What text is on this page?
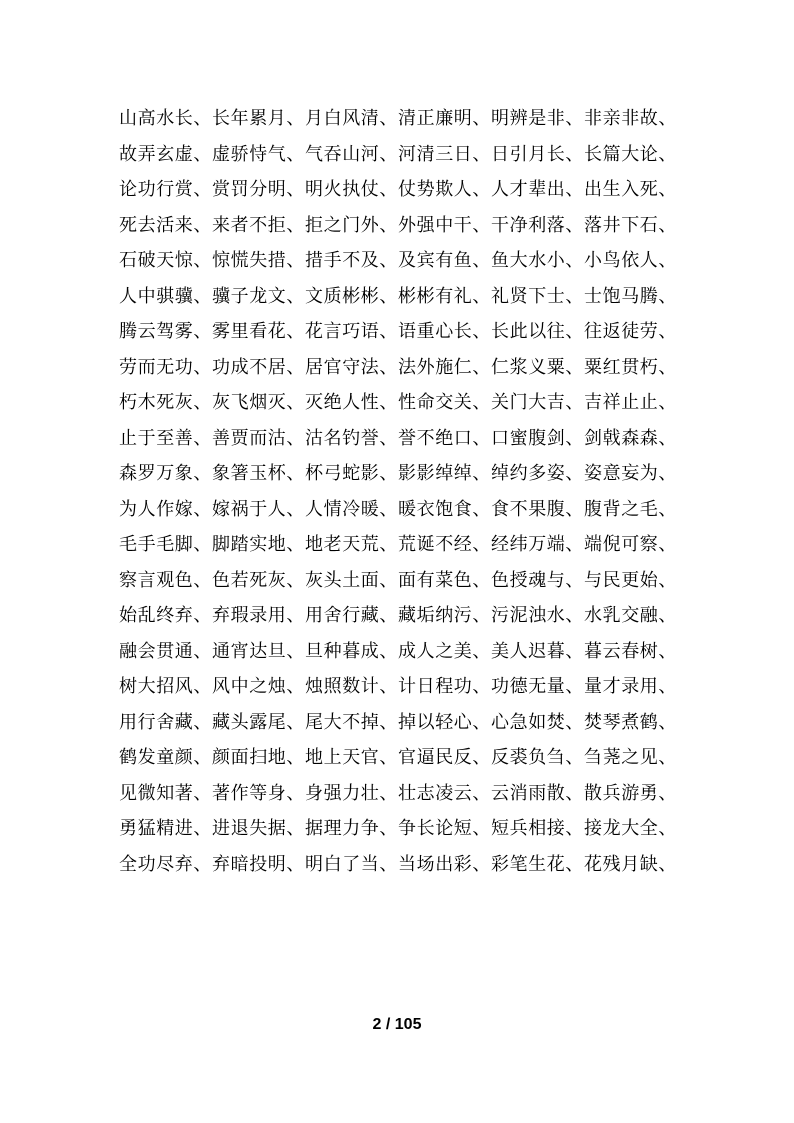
山高水长、长年累月、月白风清、清正廉明、明辨是非、非亲非故、
故弄玄虚、虚骄恃气、气吞山河、河清三日、日引月长、长篇大论、
论功行赏、赏罚分明、明火执仗、仗势欺人、人才辈出、出生入死、
死去活来、来者不拒、拒之门外、外强中干、干净利落、落井下石、
石破天惊、惊慌失措、措手不及、及宾有鱼、鱼大水小、小鸟依人、
人中骐骥、骥子龙文、文质彬彬、彬彬有礼、礼贤下士、士饱马腾、
腾云驾雾、雾里看花、花言巧语、语重心长、长此以往、往返徒劳、
劳而无功、功成不居、居官守法、法外施仁、仁浆义粟、粟红贯朽、
朽木死灰、灰飞烟灭、灭绝人性、性命交关、关门大吉、吉祥止止、
止于至善、善贾而沽、沽名钓誉、誉不绝口、口蜜腹剑、剑戟森森、
森罗万象、象箸玉杯、杯弓蛇影、影影绰绰、绰约多姿、姿意妄为、
为人作嫁、嫁祸于人、人情冷暖、暖衣饱食、食不果腹、腹背之毛、
毛手毛脚、脚踏实地、地老天荒、荒诞不经、经纬万端、端倪可察、
察言观色、色若死灰、灰头土面、面有菜色、色授魂与、与民更始、
始乱终弃、弃瑕录用、用舍行藏、藏垢纳污、污泥浊水、水乳交融、
融会贯通、通宵达旦、旦种暮成、成人之美、美人迟暮、暮云春树、
树大招风、风中之烛、烛照数计、计日程功、功德无量、量才录用、
用行舍藏、藏头露尾、尾大不掉、掉以轻心、心急如焚、焚琴煮鹤、
鹤发童颜、颜面扫地、地上天官、官逼民反、反裘负刍、刍荛之见、
见微知著、著作等身、身强力壮、壮志凌云、云消雨散、散兵游勇、
勇猛精进、进退失据、据理力争、争长论短、短兵相接、接龙大全、
全功尽弃、弃暗投明、明白了当、当场出彩、彩笔生花、花残月缺、
2 / 105
